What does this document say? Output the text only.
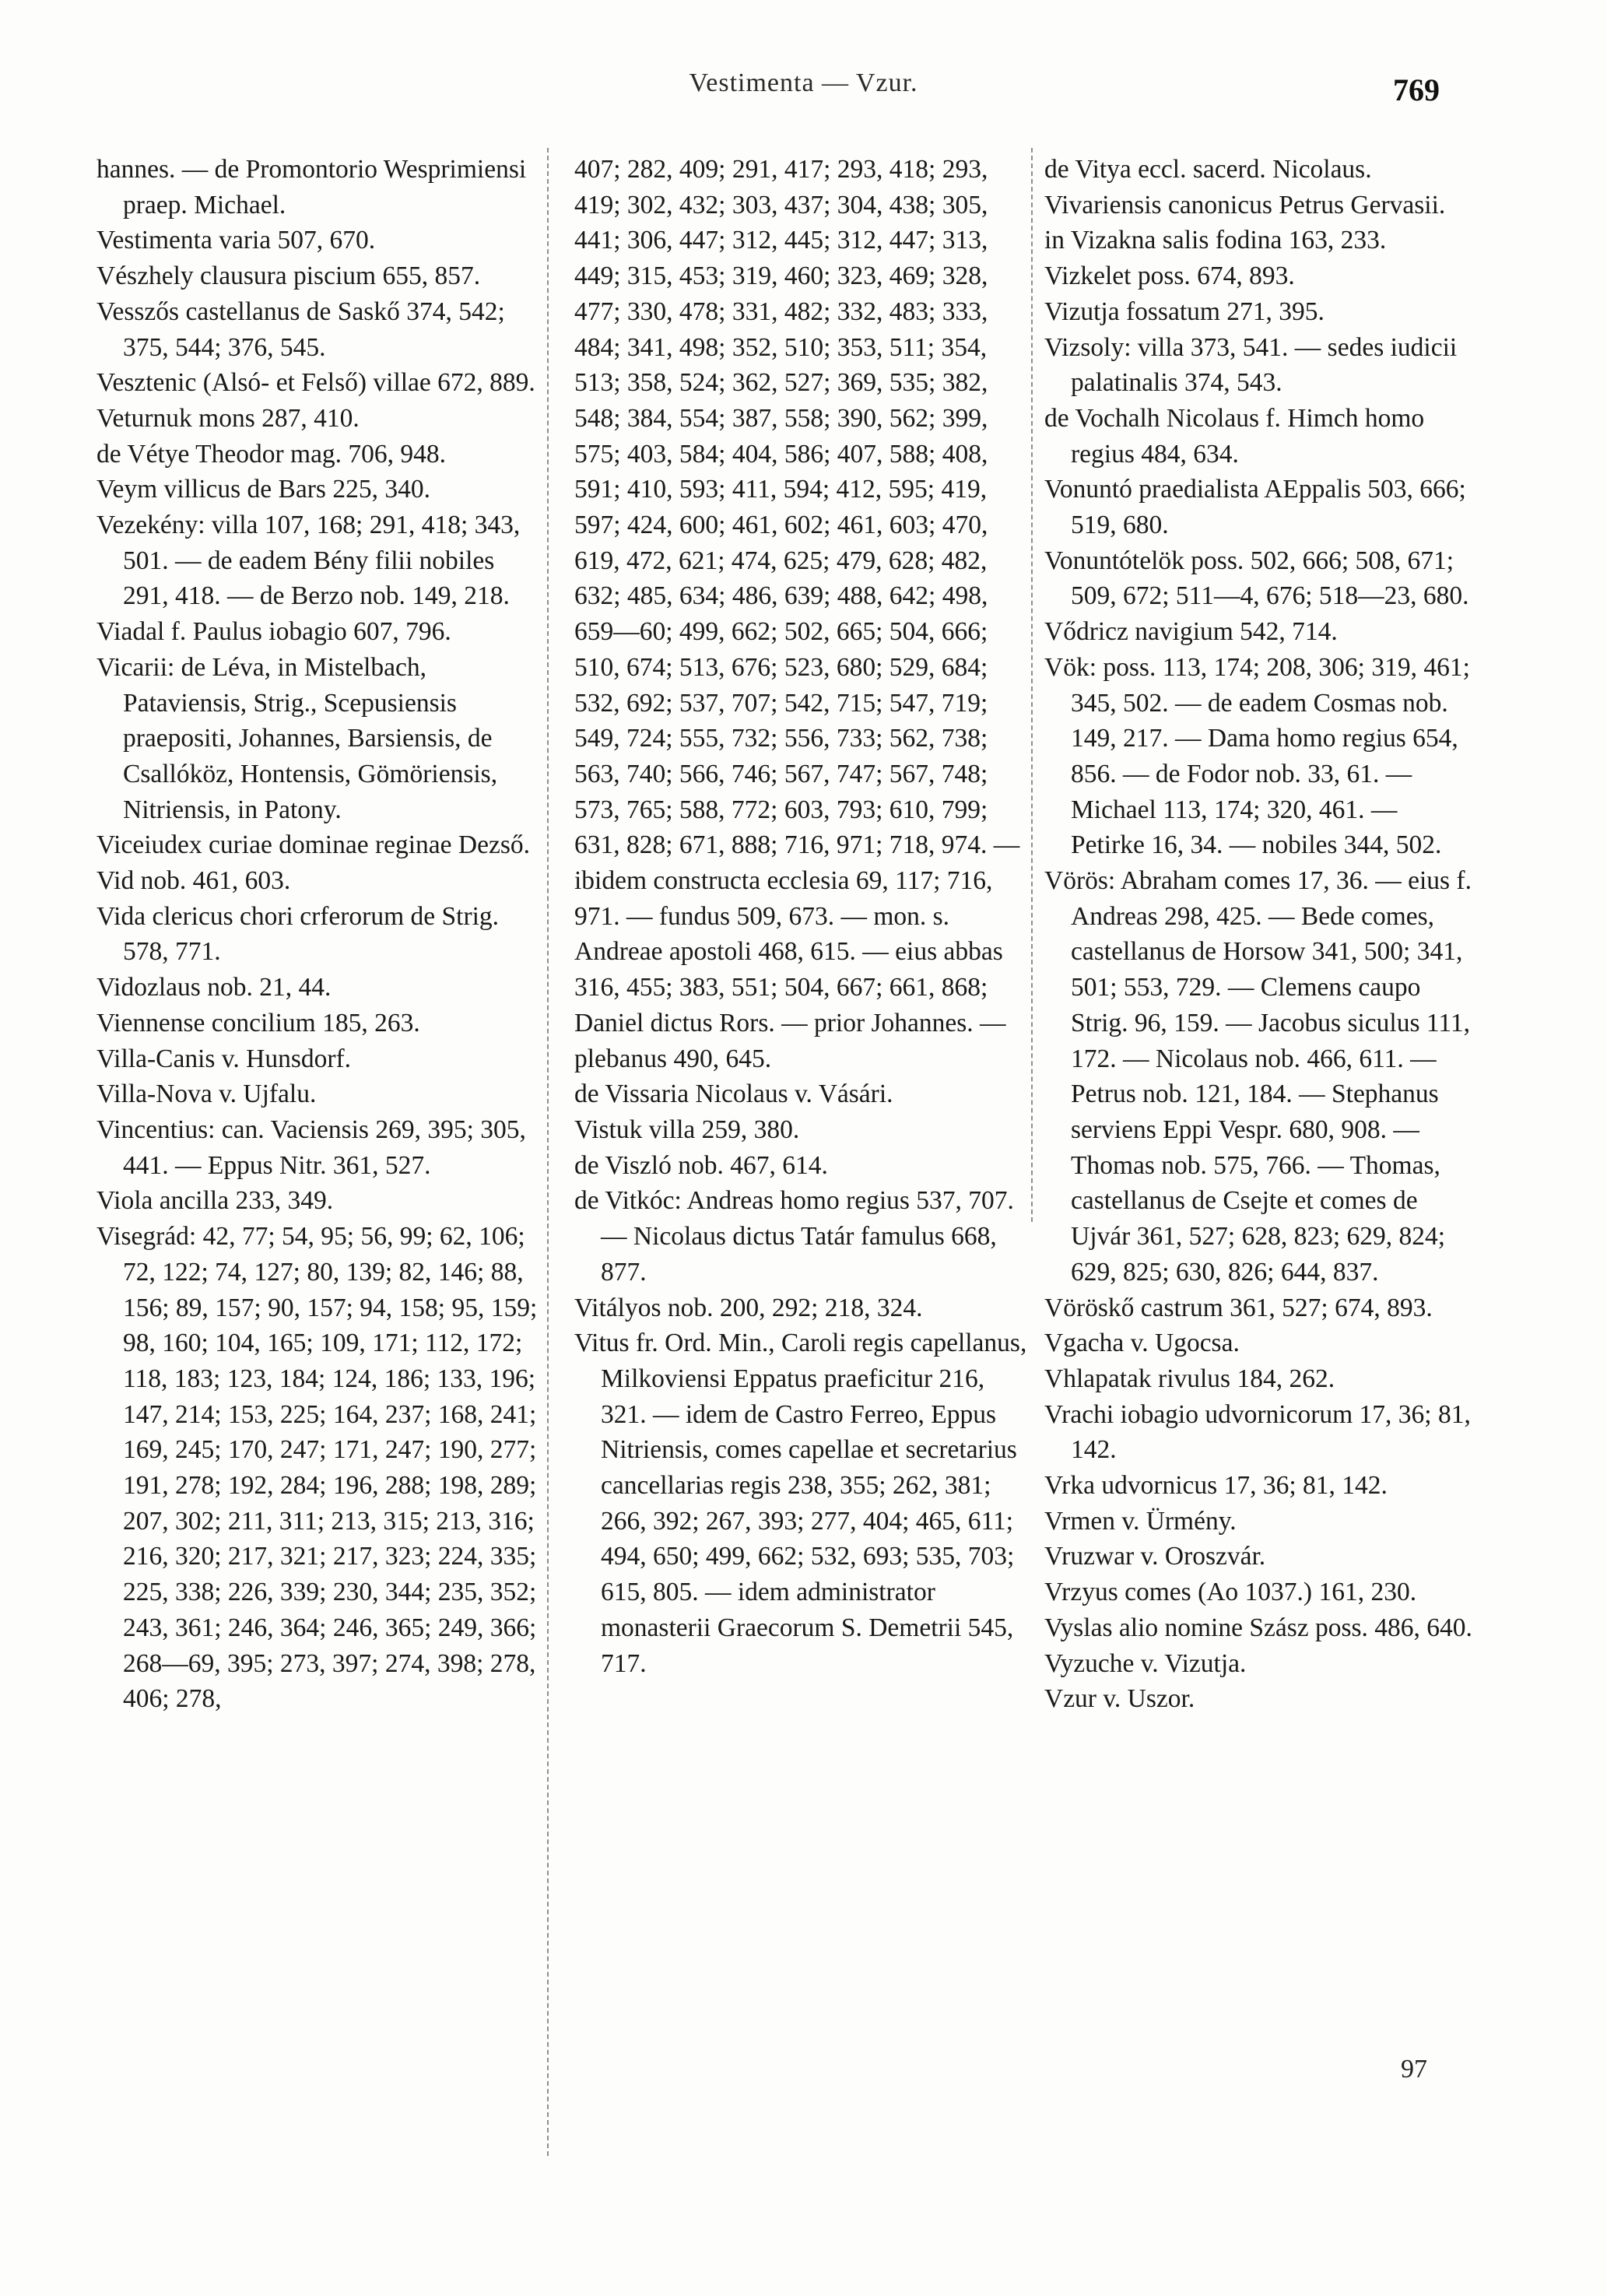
Vestimenta — Vzur.	769

hannes. — de Promontorio Wesprimiensi praep. Michael.

Vestimenta varia 507, 670.

Vészhely clausura piscium 655, 857.

Vesszős castellanus de Saskő 374, 542; 375, 544; 376, 545.

Vesztenic (Alsó- et Felső) villae 672, 889.

Veturnuk mons 287, 410.

de Vétye Theodor mag. 706, 948.

Veym villicus de Bars 225, 340.

Vezekény: villa 107, 168; 291, 418; 343, 501. — de eadem Bény filii nobiles 291, 418. — de Berzo nob. 149, 218.

Viadal f. Paulus iobagio 607, 796.

Vicarii: de Léva, in Mistelbach, Pataviensis, Strig., Scepusiensis praepositi, Johannes, Barsiensis, de Csallóköz, Hontensis, Gömöriensis, Nitriensis, in Patony.

Viceiudex curiae dominae reginae Dezső.

Vid nob. 461, 603.

Vida clericus chori crferorum de Strig. 578, 771.

Vidozlaus nob. 21, 44.

Viennense concilium 185, 263.

Villa-Canis v. Hunsdorf.

Villa-Nova v. Ujfalu.

Vincentius: can. Vaciensis 269, 395; 305, 441. — Eppus Nitr. 361, 527.

Viola ancilla 233, 349.

Visegrád: 42, 77; 54, 95; 56, 99; 62, 106; 72, 122; 74, 127; 80, 139; 82, 146; 88, 156; 89, 157; 90, 157; 94, 158; 95, 159; 98, 160; 104, 165; 109, 171; 112, 172; 118, 183; 123, 184; 124, 186; 133, 196; 147, 214; 153, 225; 164, 237; 168, 241; 169, 245; 170, 247; 171, 247; 190, 277; 191, 278; 192, 284; 196, 288; 198, 289; 207, 302; 211, 311; 213, 315; 213, 316; 216, 320; 217, 321; 217, 323; 224, 335; 225, 338; 226, 339; 230, 344; 235, 352; 243, 361; 246, 364; 246, 365; 249, 366; 268—69, 395; 273, 397; 274, 398; 278, 406; 278,

407; 282, 409; 291, 417; 293, 418; 293, 419; 302, 432; 303, 437; 304, 438; 305, 441; 306, 447; 312, 445; 312, 447; 313, 449; 315, 453; 319, 460; 323, 469; 328, 477; 330, 478; 331, 482; 332, 483; 333, 484; 341, 498; 352, 510; 353, 511; 354, 513; 358, 524; 362, 527; 369, 535; 382, 548; 384, 554; 387, 558; 390, 562; 399, 575; 403, 584; 404, 586; 407, 588; 408, 591; 410, 593; 411, 594; 412, 595; 419, 597; 424, 600; 461, 602; 461, 603; 470, 619, 472, 621; 474, 625; 479, 628; 482, 632; 485, 634; 486, 639; 488, 642; 498, 659—60; 499, 662; 502, 665; 504, 666; 510, 674; 513, 676; 523, 680; 529, 684; 532, 692; 537, 707; 542, 715; 547, 719; 549, 724; 555, 732; 556, 733; 562, 738; 563, 740; 566, 746; 567, 747; 567, 748; 573, 765; 588, 772; 603, 793; 610, 799; 631, 828; 671, 888; 716, 971; 718, 974. — ibidem constructa ecclesia 69, 117; 716, 971. — fundus 509, 673. — mon. s. Andreae apostoli 468, 615. — eius abbas 316, 455; 383, 551; 504, 667; 661, 868; Daniel dictus Rors. — prior Johannes. — plebanus 490, 645.

de Vissaria Nicolaus v. Vásári.

Vistuk villa 259, 380.

de Viszló nob. 467, 614.

de Vitkóc: Andreas homo regius 537, 707. — Nicolaus dictus Tatár famulus 668, 877.

Vitályos nob. 200, 292; 218, 324.

Vitus fr. Ord. Min., Caroli regis capellanus, Milkoviensi Eppatus praeficitur 216, 321. — idem de Castro Ferreo, Eppus Nitriensis, comes capellae et secretarius cancellarias regis 238, 355; 262, 381; 266, 392; 267, 393; 277, 404; 465, 611; 494, 650; 499, 662; 532, 693; 535, 703; 615, 805. — idem administrator monasterii Graecorum S. Demetrii 545, 717.

de Vitya eccl. sacerd. Nicolaus.

Vivariensis canonicus Petrus Gervasii.

in Vizakna salis fodina 163, 233.

Vizkelet poss. 674, 893.

Vizutja fossatum 271, 395.

Vizsoly: villa 373, 541. — sedes iudicii palatinalis 374, 543.

de Vochalh Nicolaus f. Himch homo regius 484, 634.

Vonuntó praedialista AEppalis 503, 666; 519, 680.

Vonuntótelök poss. 502, 666; 508, 671; 509, 672; 511—4, 676; 518—23, 680.

Vődricz navigium 542, 714.

Vök: poss. 113, 174; 208, 306; 319, 461; 345, 502. — de eadem Cosmas nob. 149, 217. — Dama homo regius 654, 856. — de Fodor nob. 33, 61. — Michael 113, 174; 320, 461. — Petirke 16, 34. — nobiles 344, 502.

Vörös: Abraham comes 17, 36. — eius f. Andreas 298, 425. — Bede comes, castellanus de Horsow 341, 500; 341, 501; 553, 729. — Clemens caupo Strig. 96, 159. — Jacobus siculus 111, 172. — Nicolaus nob. 466, 611. — Petrus nob. 121, 184. — Stephanus serviens Eppi Vespr. 680, 908. — Thomas nob. 575, 766. — Thomas, castellanus de Csejte et comes de Ujvár 361, 527; 628, 823; 629, 824; 629, 825; 630, 826; 644, 837.

Vöröskő castrum 361, 527; 674, 893.

Vgacha v. Ugocsa.

Vhlapatak rivulus 184, 262.

Vrachi iobagio udvornicorum 17, 36; 81, 142.

Vrka udvornicus 17, 36; 81, 142.

Vrmen v. Ürmény.

Vruzwar v. Oroszvár.

Vrzyus comes (Ao 1037.) 161, 230.

Vyslas alio nomine Szász poss. 486, 640.

Vyzuche v. Vizutja.

Vzur v. Uszor.

97
